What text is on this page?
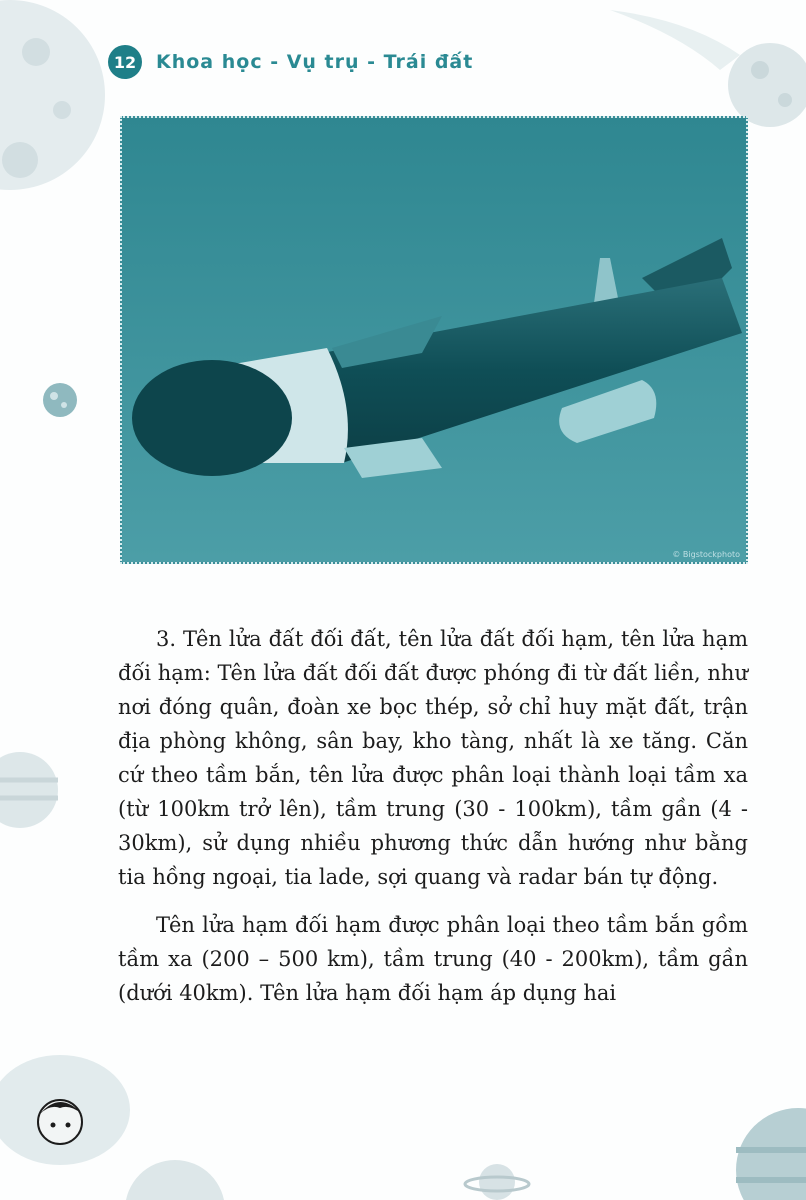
12	Khoa học - Vụ trụ - Trái đất
© Bigstockphoto

3. Tên lửa đất đối đất, tên lửa đất đối hạm, tên lửa hạm đối hạm: Tên lửa đất đối đất được phóng đi từ đất liền, như nơi đóng quân, đoàn xe bọc thép, sở chỉ huy mặt đất, trận địa phòng không, sân bay, kho tàng, nhất là xe tăng. Căn cứ theo tầm bắn, tên lửa được phân loại thành loại tầm xa (từ 100km trở lên), tầm trung (30 - 100km), tầm gần (4 - 30km), sử dụng nhiều phương thức dẫn hướng như bằng tia hồng ngoại, tia lade, sợi quang và radar bán tự động.

Tên lửa hạm đối hạm được phân loại theo tầm bắn gồm tầm xa (200 – 500 km), tầm trung (40 - 200km), tầm gần (dưới 40km). Tên lửa hạm đối hạm áp dụng hai
